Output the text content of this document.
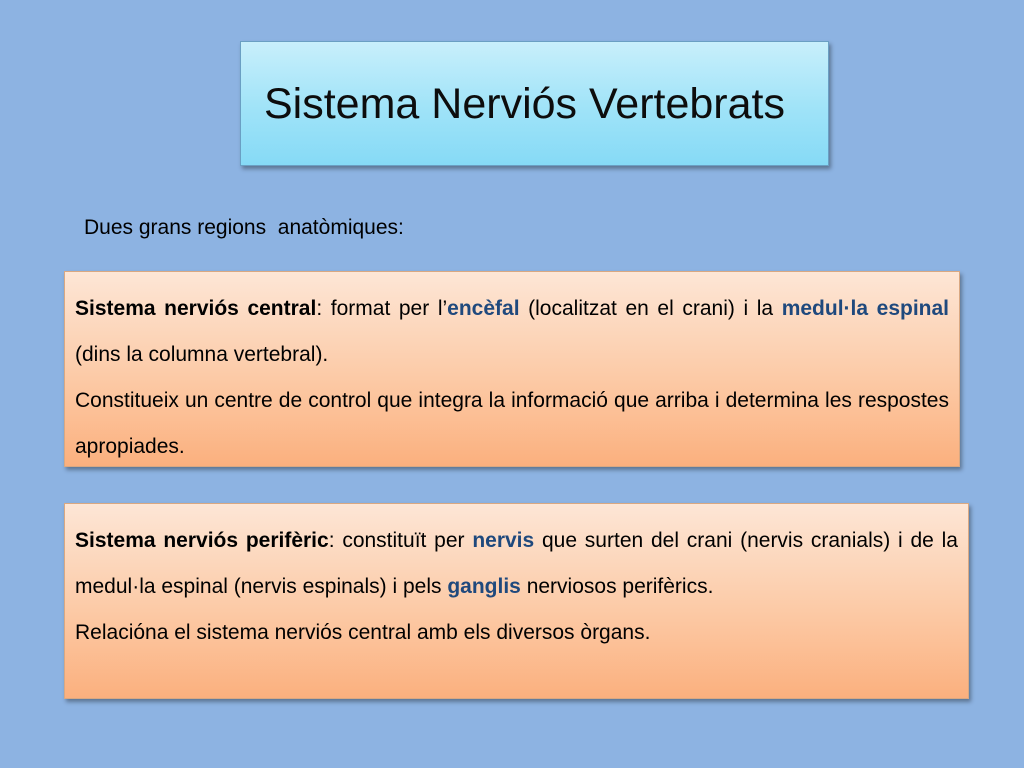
Sistema Nerviós Vertebrats
Dues grans regions  anatòmiques:

Sistema nerviós central: format per l’encèfal (localitzat en el crani) i la medul·la espinal (dins la columna vertebral).

Constitueix un centre de control que integra la informació que arriba i determina les respostes apropiades.

Sistema nerviós perifèric: constituït per nervis que surten del crani (nervis cranials) i de la medul·la espinal (nervis espinals) i pels ganglis nerviosos perifèrics.

Relacióna el sistema nerviós central amb els diversos òrgans.
